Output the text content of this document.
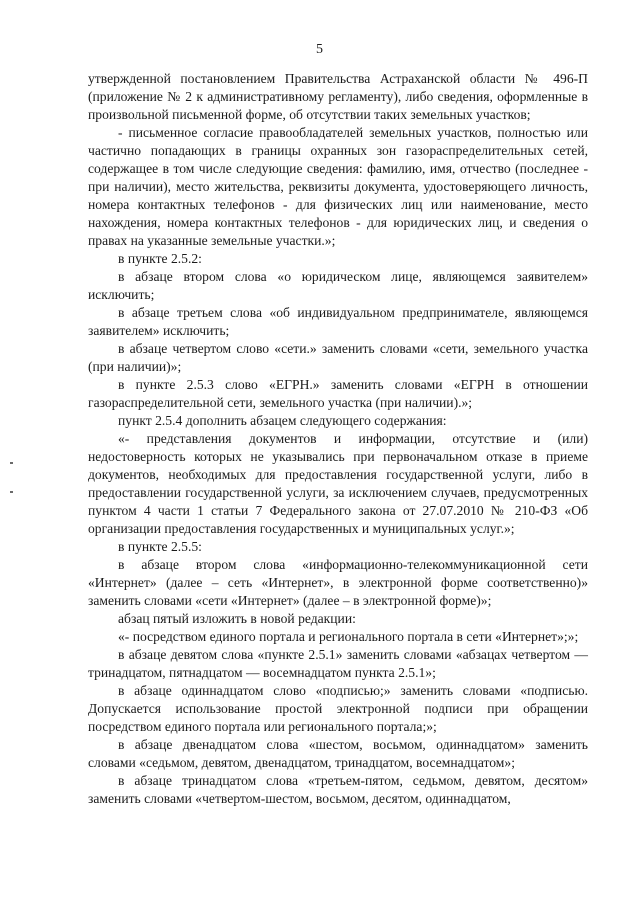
5

утвержденной постановлением Правительства Астраханской области № 496-П (приложение № 2 к административному регламенту), либо сведения, оформленные в произвольной письменной форме, об отсутствии таких земельных участков;

- письменное согласие правообладателей земельных участков, полностью или частично попадающих в границы охранных зон газораспределительных сетей, содержащее в том числе следующие сведения: фамилию, имя, отчество (последнее - при наличии), место жительства, реквизиты документа, удостоверяющего личность, номера контактных телефонов - для физических лиц или наименование, место нахождения, номера контактных телефонов - для юридических лиц, и сведения о правах на указанные земельные участки.»;

в пункте 2.5.2:

в абзаце втором слова «о юридическом лице, являющемся заявителем» исключить;

в абзаце третьем слова «об индивидуальном предпринимателе, являющемся заявителем» исключить;

в абзаце четвертом слово «сети.» заменить словами «сети, земельного участка (при наличии)»;

в пункте 2.5.3 слово «ЕГРН.» заменить словами «ЕГРН в отношении газораспределительной сети, земельного участка (при наличии).»;

пункт 2.5.4 дополнить абзацем следующего содержания:

«- представления документов и информации, отсутствие и (или) недостоверность которых не указывались при первоначальном отказе в приеме документов, необходимых для предоставления государственной услуги, либо в предоставлении государственной услуги, за исключением случаев, предусмотренных пунктом 4 части 1 статьи 7 Федерального закона от 27.07.2010 № 210-ФЗ «Об организации предоставления государственных и муниципальных услуг.»;

в пункте 2.5.5:

в абзаце втором слова «информационно-телекоммуникационной сети «Интернет» (далее – сеть «Интернет», в электронной форме соответственно)» заменить словами «сети «Интернет» (далее – в электронной форме)»;

абзац пятый изложить в новой редакции:

«- посредством единого портала и регионального портала в сети «Интернет»;»;

в абзаце девятом слова «пункте 2.5.1» заменить словами «абзацах четвертом — тринадцатом, пятнадцатом — восемнадцатом пункта 2.5.1»;

в абзаце одиннадцатом слово «подписью;» заменить словами «подписью. Допускается использование простой электронной подписи при обращении посредством единого портала или регионального портала;»;

в абзаце двенадцатом слова «шестом, восьмом, одиннадцатом» заменить словами «седьмом, девятом, двенадцатом, тринадцатом, восемнадцатом»;

в абзаце тринадцатом слова «третьем-пятом, седьмом, девятом, десятом» заменить словами «четвертом-шестом, восьмом, десятом, одиннадцатом,
